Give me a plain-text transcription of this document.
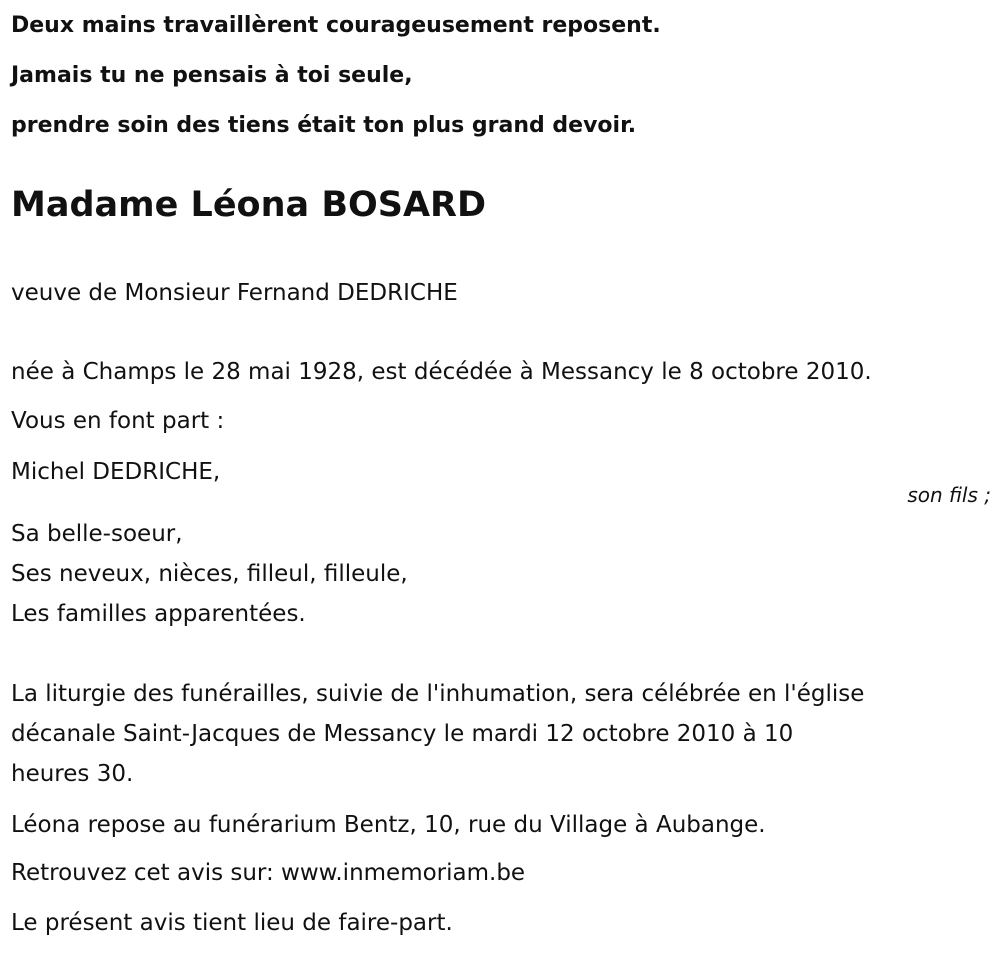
Deux mains travaillèrent courageusement reposent.
Jamais tu ne pensais à toi seule,
prendre soin des tiens était ton plus grand devoir.
Madame Léona BOSARD
veuve de Monsieur Fernand DEDRICHE
née à Champs le 28 mai 1928, est décédée à Messancy le 8 octobre 2010.
Vous en font part :
Michel DEDRICHE,
son fils ;
Sa belle-soeur,
Ses neveux, nièces, filleul, filleule,
Les familles apparentées.
La liturgie des funérailles, suivie de l'inhumation, sera célébrée en l'église
décanale Saint-Jacques de Messancy le mardi 12 octobre 2010 à 10
heures 30.
Léona repose au funérarium Bentz, 10, rue du Village à Aubange.
Retrouvez cet avis sur: www.inmemoriam.be
Le présent avis tient lieu de faire-part.
